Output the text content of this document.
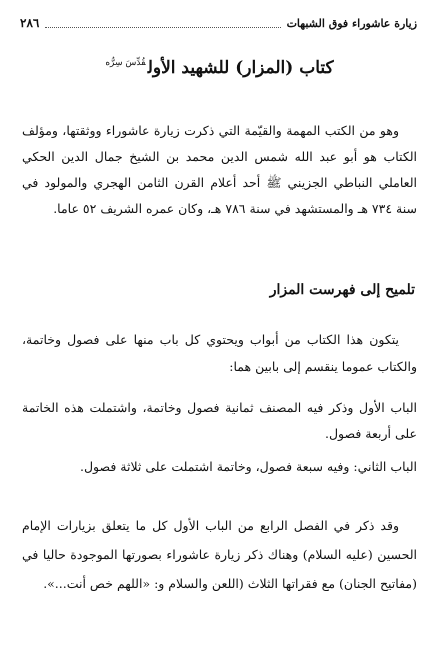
زيارة عاشوراء فوق الشبهات
٢٨٦
كتاب (المزار) للشهيد الأول$^{قُدِّسَ سِرُّه}$

وهو من الكتب المهمة والقيّمة التي ذكرت زيارة عاشوراء ووثقتها، ومؤلف الكتاب هو أبو عبد الله شمس الدين محمد بن الشيخ جمال الدين الحكي العاملي النباطي الجزيني ﷺ أحد أعلام القرن الثامن الهجري والمولود في سنة ٧٣٤ هـ والمستشهد في سنة ٧٨٦ هـ، وكان عمره الشريف ٥٢ عاما.

تلميح إلى فهرست المزار

يتكون هذا الكتاب من أبواب ويحتوي كل باب منها على فصول وخاتمة، والكتاب عموما ينقسم إلى بابين هما:

الباب الأول وذكر فيه المصنف ثمانية فصول وخاتمة، واشتملت هذه الخاتمة على أربعة فصول.

الباب الثاني: وفيه سبعة فصول، وخاتمة اشتملت على ثلاثة فصول.

وقد ذكر في الفصل الرابع من الباب الأول كل ما يتعلق بزيارات الإمام الحسين (عليه السلام) وهناك ذكر زيارة عاشوراء بصورتها الموجودة حاليا في (مفاتيح الجنان) مع فقراتها الثلاث (اللعن والسلام و: «اللهم خص أنت...».
